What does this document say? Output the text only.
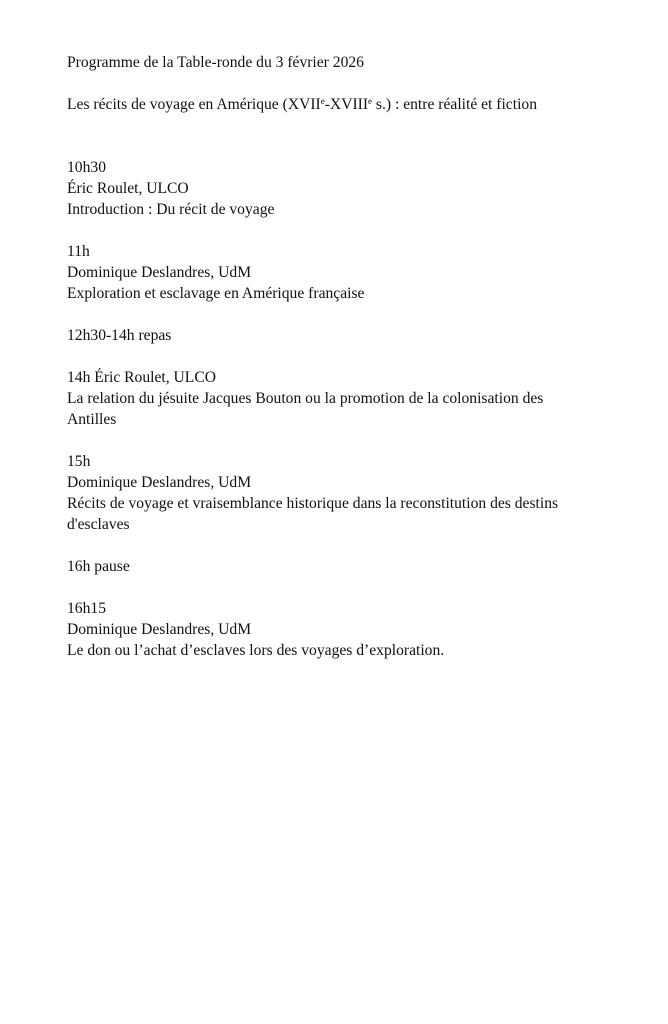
Programme de la Table-ronde du 3 février 2026
Les récits de voyage en Amérique (XVIIe-XVIIIe s.) : entre réalité et fiction
10h30
Éric Roulet, ULCO
Introduction : Du récit de voyage
11h
Dominique Deslandres, UdM
Exploration et esclavage en Amérique française
12h30-14h repas
14h Éric Roulet, ULCO
La relation du jésuite Jacques Bouton ou la promotion de la colonisation des Antilles
15h
Dominique Deslandres, UdM
Récits de voyage et vraisemblance historique dans la reconstitution des destins d'esclaves
16h pause
16h15
Dominique Deslandres, UdM
Le don ou l’achat d’esclaves lors des voyages d’exploration.
